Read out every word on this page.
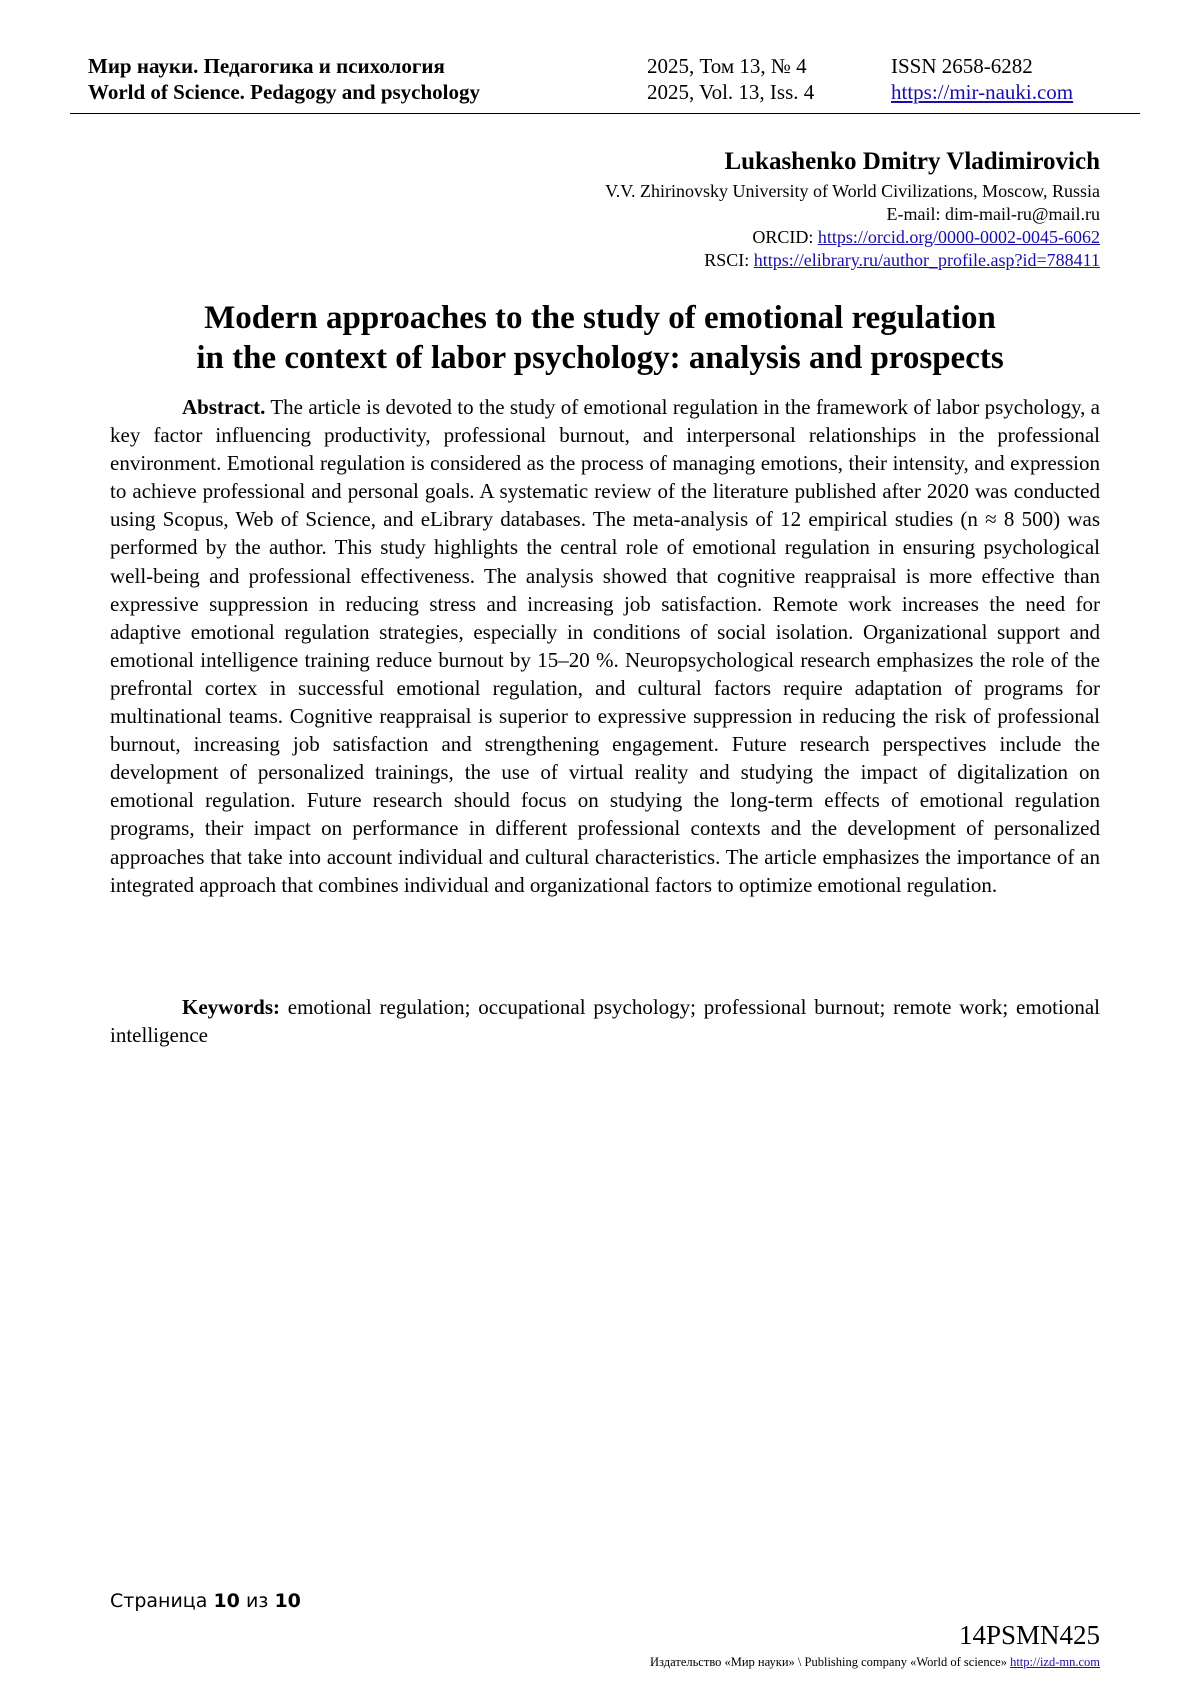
Мир науки. Педагогика и психология	2025, Том 13, № 4	ISSN 2658-6282
World of Science. Pedagogy and psychology	2025, Vol. 13, Iss. 4	https://mir-nauki.com
Lukashenko Dmitry Vladimirovich
V.V. Zhirinovsky University of World Civilizations, Moscow, Russia
E-mail: dim-mail-ru@mail.ru
ORCID: https://orcid.org/0000-0002-0045-6062
RSCI: https://elibrary.ru/author_profile.asp?id=788411
Modern approaches to the study of emotional regulation
in the context of labor psychology: analysis and prospects

Abstract. The article is devoted to the study of emotional regulation in the framework of labor psychology, a key factor influencing productivity, professional burnout, and interpersonal relationships in the professional environment. Emotional regulation is considered as the process of managing emotions, their intensity, and expression to achieve professional and personal goals. A systematic review of the literature published after 2020 was conducted using Scopus, Web of Science, and eLibrary databases. The meta-analysis of 12 empirical studies (n ≈ 8 500) was performed by the author. This study highlights the central role of emotional regulation in ensuring psychological well-being and professional effectiveness. The analysis showed that cognitive reappraisal is more effective than expressive suppression in reducing stress and increasing job satisfaction. Remote work increases the need for adaptive emotional regulation strategies, especially in conditions of social isolation. Organizational support and emotional intelligence training reduce burnout by 15–20 %. Neuropsychological research emphasizes the role of the prefrontal cortex in successful emotional regulation, and cultural factors require adaptation of programs for multinational teams. Cognitive reappraisal is superior to expressive suppression in reducing the risk of professional burnout, increasing job satisfaction and strengthening engagement. Future research perspectives include the development of personalized trainings, the use of virtual reality and studying the impact of digitalization on emotional regulation. Future research should focus on studying the long-term effects of emotional regulation programs, their impact on performance in different professional contexts and the development of personalized approaches that take into account individual and cultural characteristics. The article emphasizes the importance of an integrated approach that combines individual and organizational factors to optimize emotional regulation.

Keywords: emotional regulation; occupational psychology; professional burnout; remote work; emotional intelligence

Страница 10 из 10
14PSMN425
Издательство «Мир науки» \ Publishing company «World of science» http://izd-mn.com
